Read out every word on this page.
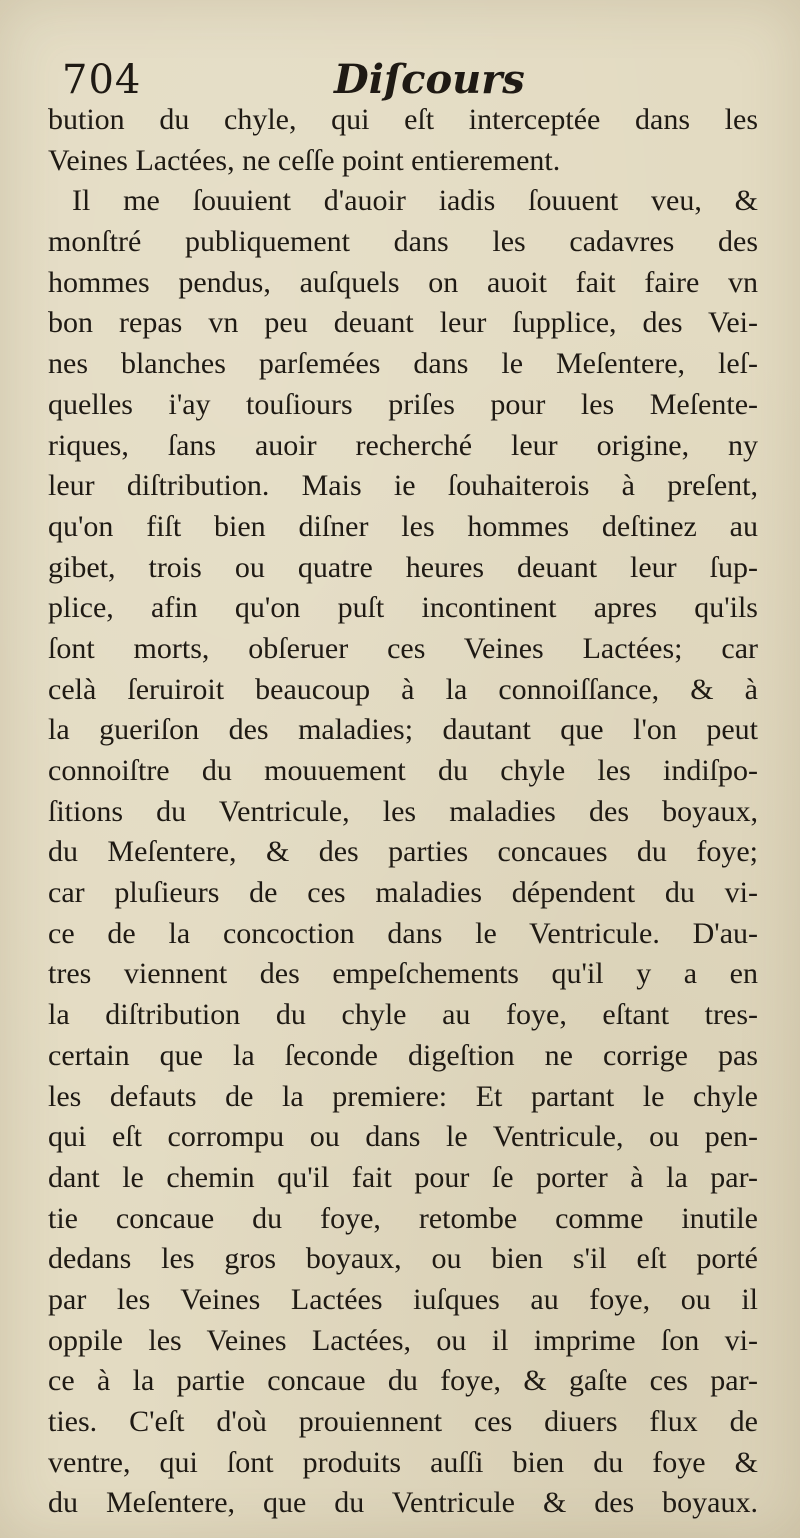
704	Diſcours
bution du chyle, qui eſt interceptée dans les
Veines Lactées, ne ceſſe point entierement.
Il me ſouuient d'auoir iadis ſouuent veu, &
monſtré publiquement dans les cadavres des
hommes pendus, auſquels on auoit fait faire vn
bon repas vn peu deuant leur ſupplice, des Vei-
nes blanches parſemées dans le Meſentere, leſ-
quelles i'ay touſiours priſes pour les Meſente-
riques, ſans auoir recherché leur origine, ny
leur diſtribution. Mais ie ſouhaiterois à preſent,
qu'on fiſt bien diſner les hommes deſtinez au
gibet, trois ou quatre heures deuant leur ſup-
plice, afin qu'on puſt incontinent apres qu'ils
ſont morts, obſeruer ces Veines Lactées; car
celà ſeruiroit beaucoup à la connoiſſance, & à
la gueriſon des maladies; dautant que l'on peut
connoiſtre du mouuement du chyle les indiſpo-
ſitions du Ventricule, les maladies des boyaux,
du Meſentere, & des parties concaues du foye;
car pluſieurs de ces maladies dépendent du vi-
ce de la concoction dans le Ventricule. D'au-
tres viennent des empeſchements qu'il y a en
la diſtribution du chyle au foye, eſtant tres-
certain que la ſeconde digeſtion ne corrige pas
les defauts de la premiere: Et partant le chyle
qui eſt corrompu ou dans le Ventricule, ou pen-
dant le chemin qu'il fait pour ſe porter à la par-
tie concaue du foye, retombe comme inutile
dedans les gros boyaux, ou bien s'il eſt porté
par les Veines Lactées iuſques au foye, ou il
oppile les Veines Lactées, ou il imprime ſon vi-
ce à la partie concaue du foye, & gaſte ces par-
ties. C'eſt d'où prouiennent ces diuers flux de
ventre, qui ſont produits auſſi bien du foye &
du Meſentere, que du Ventricule & des boyaux.
